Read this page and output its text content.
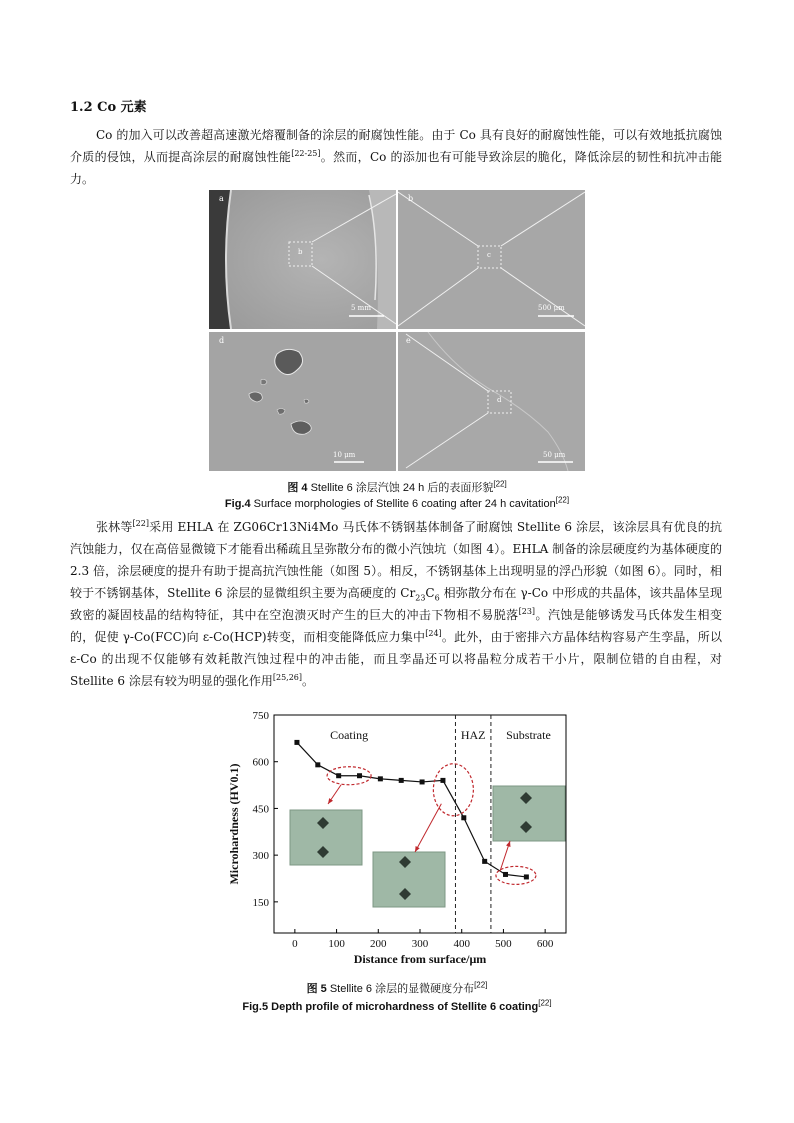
1.2 Co 元素
Co 的加入可以改善超高速激光熔覆制备的涂层的耐腐蚀性能。由于 Co 具有良好的耐腐蚀性能，可以有效地抵抗腐蚀介质的侵蚀，从而提高涂层的耐腐蚀性能[22-25]。然而，Co 的添加也有可能导致涂层的脆化，降低涂层的韧性和抗冲击能力。
a
b
5 mm
b
c
500 μm
d
10 μm
e
d
50 μm
图 4 Stellite 6 涂层汽蚀 24 h 后的表面形貌[22]
Fig.4 Surface morphologies of Stellite 6 coating after 24 h cavitation[22]
张林等[22]采用 EHLA 在 ZG06Cr13Ni4Mo 马氏体不锈钢基体制备了耐腐蚀 Stellite 6 涂层，该涂层具有优良的抗汽蚀能力，仅在高倍显微镜下才能看出稀疏且呈弥散分布的微小汽蚀坑（如图 4）。EHLA 制备的涂层硬度约为基体硬度的 2.3 倍，涂层硬度的提升有助于提高抗汽蚀性能（如图 5）。相反，不锈钢基体上出现明显的浮凸形貌（如图 6）。同时，相较于不锈钢基体，Stellite 6 涂层的显微组织主要为高硬度的 $Cr_{23}C_6$ 相弥散分布在 γ-Co 中形成的共晶体，该共晶体呈现致密的凝固枝晶的结构特征，其中在空泡溃灭时产生的巨大的冲击下物相不易脱落[23]。汽蚀是能够诱发马氏体发生相变的，促使 γ-Co(FCC)向 ε-Co(HCP)转变，而相变能降低应力集中[24]。此外，由于密排六方晶体结构容易产生孪晶，所以 ε-Co 的出现不仅能够有效耗散汽蚀过程中的冲击能，而且孪晶还可以将晶粒分成若干小片，限制位错的自由程，对 Stellite 6 涂层有较为明显的强化作用[25,26]。
0	100 200 300 400 500 600
150
300
450
600
750
Coating	HAZ Substrate
Distance from surface/μm
Microhardness (HV0.1)
图 5 Stellite 6 涂层的显微硬度分布[22]
Fig.5 Depth profile of microhardness of Stellite 6 coating[22]
